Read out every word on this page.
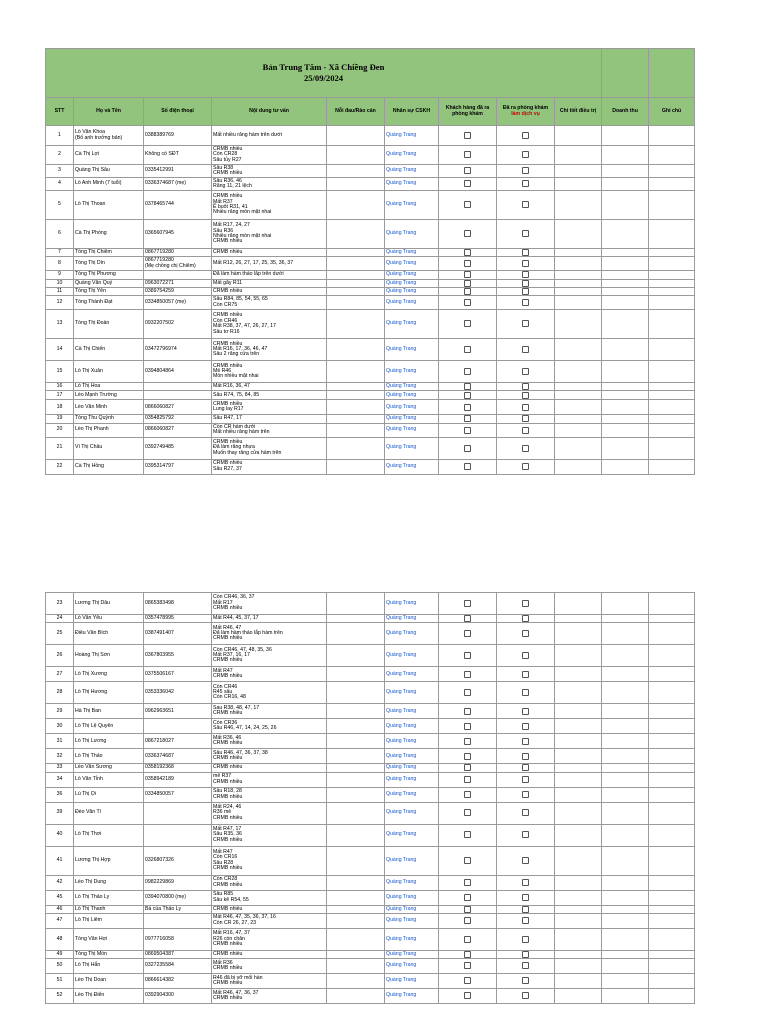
Bản Trung Tâm - Xã Chiềng Đen
25/09/2024										

STT	Họ và Tên	Số điện thoại	Nội dung tư vấn	Nỗi đau/Rào cản	Nhân sự CSKH	Khách hàng đã ra phòng khám	Đã ra phòng khám
làm dịch vụ	Chi tiết điều trị	Doanh thu	Ghi chú
1	Lò Văn Khoa
(Bố anh trưởng bản)	0388389769	Mất nhiều răng hàm trên dưới		Quàng Trang					
2	Cà Thị Lợi	Không có SĐT	CRMB nhiều
Còn CR28
Sâu tủy R27		Quàng Trang					
3	Quàng Thị Sâu	0335412991	Sâu R38
CRMB nhiều		Quàng Trang					
4	Lò Anh Minh (7 tuổi)	0336374687 (mẹ)	Sâu R36, 46
Răng 11, 21 lệch		Quàng Trang					
5	Lò Thị Thoan	0378465744	CRMB nhiều
Mất R37
Ề buốt R31, 41
Nhiều răng mòn mặt nhai		Quàng Trang					
6	Cà Thị Phóng	0365607945	Mất R17, 24, 27
Sâu R36
Nhiều răng mòn mặt nhai
CRMB nhiều		Quàng Trang					
7	Tòng Thị Chiêm	0867719280	CRMB nhiều		Quàng Trang					
8	Tòng Thị Dín	0867719280
(Mẹ chồng chị Chiêm)	Mất R12, 26, 27, 17, 25, 35, 36, 37		Quàng Trang					
9	Tòng Thị Phương		Đã làm hàm tháo lắp trên dưới		Quàng Trang					
10	Quàng Văn Quý	0963072271	Mất gãy R11		Quàng Trang					
11	Tòng Thị Yên	0389754259	CRMB nhiều		Quàng Trang					
12	Tòng Thành Đạt	0334850057 (mẹ)	Sâu R84, 85, 54, 55, 65
Còn CR75		Quàng Trang					
13	Tòng Thị Đoàn	0932207502	CRMB nhiều
Còn CR46
Mất R38, 37, 47, 26, 27, 17
Sâu tơ R16		Quàng Trang					
14	Cà Thị Chiến	03472796974	CRMB nhiều
Mất R16, 17, 36, 46, 47
Sâu 2 răng cửa trên		Quàng Trang					
15	Lò Thị Xuân	0394804864	CRMB nhiều
Mẻ R46
Mòn nhiều mặt nhai		Quàng Trang					
16	Lò Thị Hoa		Mất R16, 36, 47		Quàng Trang					
17	Lèo Mạnh Trường		Sâu R74, 75, 84, 85		Quàng Trang					
18	Lèo Văn Minh	0866060827	CRMB nhiều
Lung lay R17		Quàng Trang					
19	Tòng Thu Quỳnh	0354825792	Sâu R47, 17		Quàng Trang					
20	Lèo Thị Phanh	0866060827	Còn CR hàm dưới
Mất nhiều răng hàm trên		Quàng Trang					
21	Vì Thị Châu	0392749485	CRMB nhiều
Đã làm răng nhựa
Muốn thay răng cửa hàm trên		Quàng Trang					
22	Cà Thị Hồng	0395314797	CRMB nhiều
Sâu R27, 37		Quàng Trang					
23	Lương Thị Dâu	0865383498	Còn CR46, 36, 37
Mất R17
CRMB nhiều		Quàng Trang					
24	Lò Văn Yêu	0357478995	Mất R44, 45, 37, 17		Quàng Trang					
25	Điêu Văn Bích	0387491407	Mất R46, 47
Đã làm hàm tháo lắp hàm trên
CRMB nhiều		Quàng Trang					
26	Hoàng Thị Sơn	0367803955	Còn CR46, 47, 48, 35, 36
Mất R37, 16, 17
CRMB nhiều		Quàng Trang					
27	Lò Thị Xương	0375506167	Mất R47
CRMB nhiều		Quàng Trang					
28	Lò Thị Hương	0353336042	Còn CR46
R45 sâu
Còn CR16, 48		Quàng Trang					
29	Hà Thị Ban	0962963651	Sau R38, 48, 47, 17
CRMB nhiều		Quàng Trang					
30	Lò Thị Lệ Quyên		Còn CR36
Sâu R46, 47, 14, 24, 25, 26		Quàng Trang					
31	Lò Thị Lương	0867218027	Mất R36, 46
CRMB nhiều		Quàng Trang					
32	Lò Thị Thảo	0336374687	Sâu R46, 47, 36, 37, 38
CRMB nhiều		Quàng Trang					
33	Lèo Văn Sương	0358192368	CRMB nhiều		Quàng Trang					
34	Lò Văn Tỉnh	0358942189	mẻ R37
CRMB nhiều		Quàng Trang					
36	Lù Thị Ọi	0334850057	Sâu R18, 28
CRMB nhiều		Quàng Trang					
39	Đèo Văn Tí		Mất R24, 46
R36 mẻ
CRMB nhiều		Quàng Trang					
40	Lò Thị Thơi		Mất R47, 17
Sâu R35, 36
CRMB nhiều		Quàng Trang					
41	Lương Thị Hợp	0326807326	Mất R47
Còn CR16
Sâu R28
CRMB nhiều		Quàng Trang					
42	Lèo Thị Dung	0982229869	Còn CR28
CRMB nhiều		Quàng Trang					
45	Lò Thị Thảo Ly	0394070800 (mẹ)	Sâu R85
Sâu kẽ R54, 55		Quàng Trang					
46	Lò Thị Thanh	Bà của Thảo Ly	CRMB nhiều		Quàng Trang					
47	Lò Thị Liêm		Mất R46, 47, 35, 36, 37, 16
Còn CR 26, 27, 23		Quàng Trang					
48	Tòng Văn Hợi	0977716058	Mất R16, 47, 37
R26 còn chân
CRMB nhiều		Quàng Trang					
49	Tòng Thị Món	0869504387	CRMB nhiều		Quàng Trang					
50	Lò Thị Hắn	0327235584	Mất R36
CRMB nhiều		Quàng Trang					
51	Lèo Thị Doan	0866614382	R46 đã bị vỡ mối hàn
CRMB nhiều		Quàng Trang					
52	Lèo Thị Điển	0392904300	Mất R46, 47, 36, 37
CRMB nhiều		Quàng Trang					
